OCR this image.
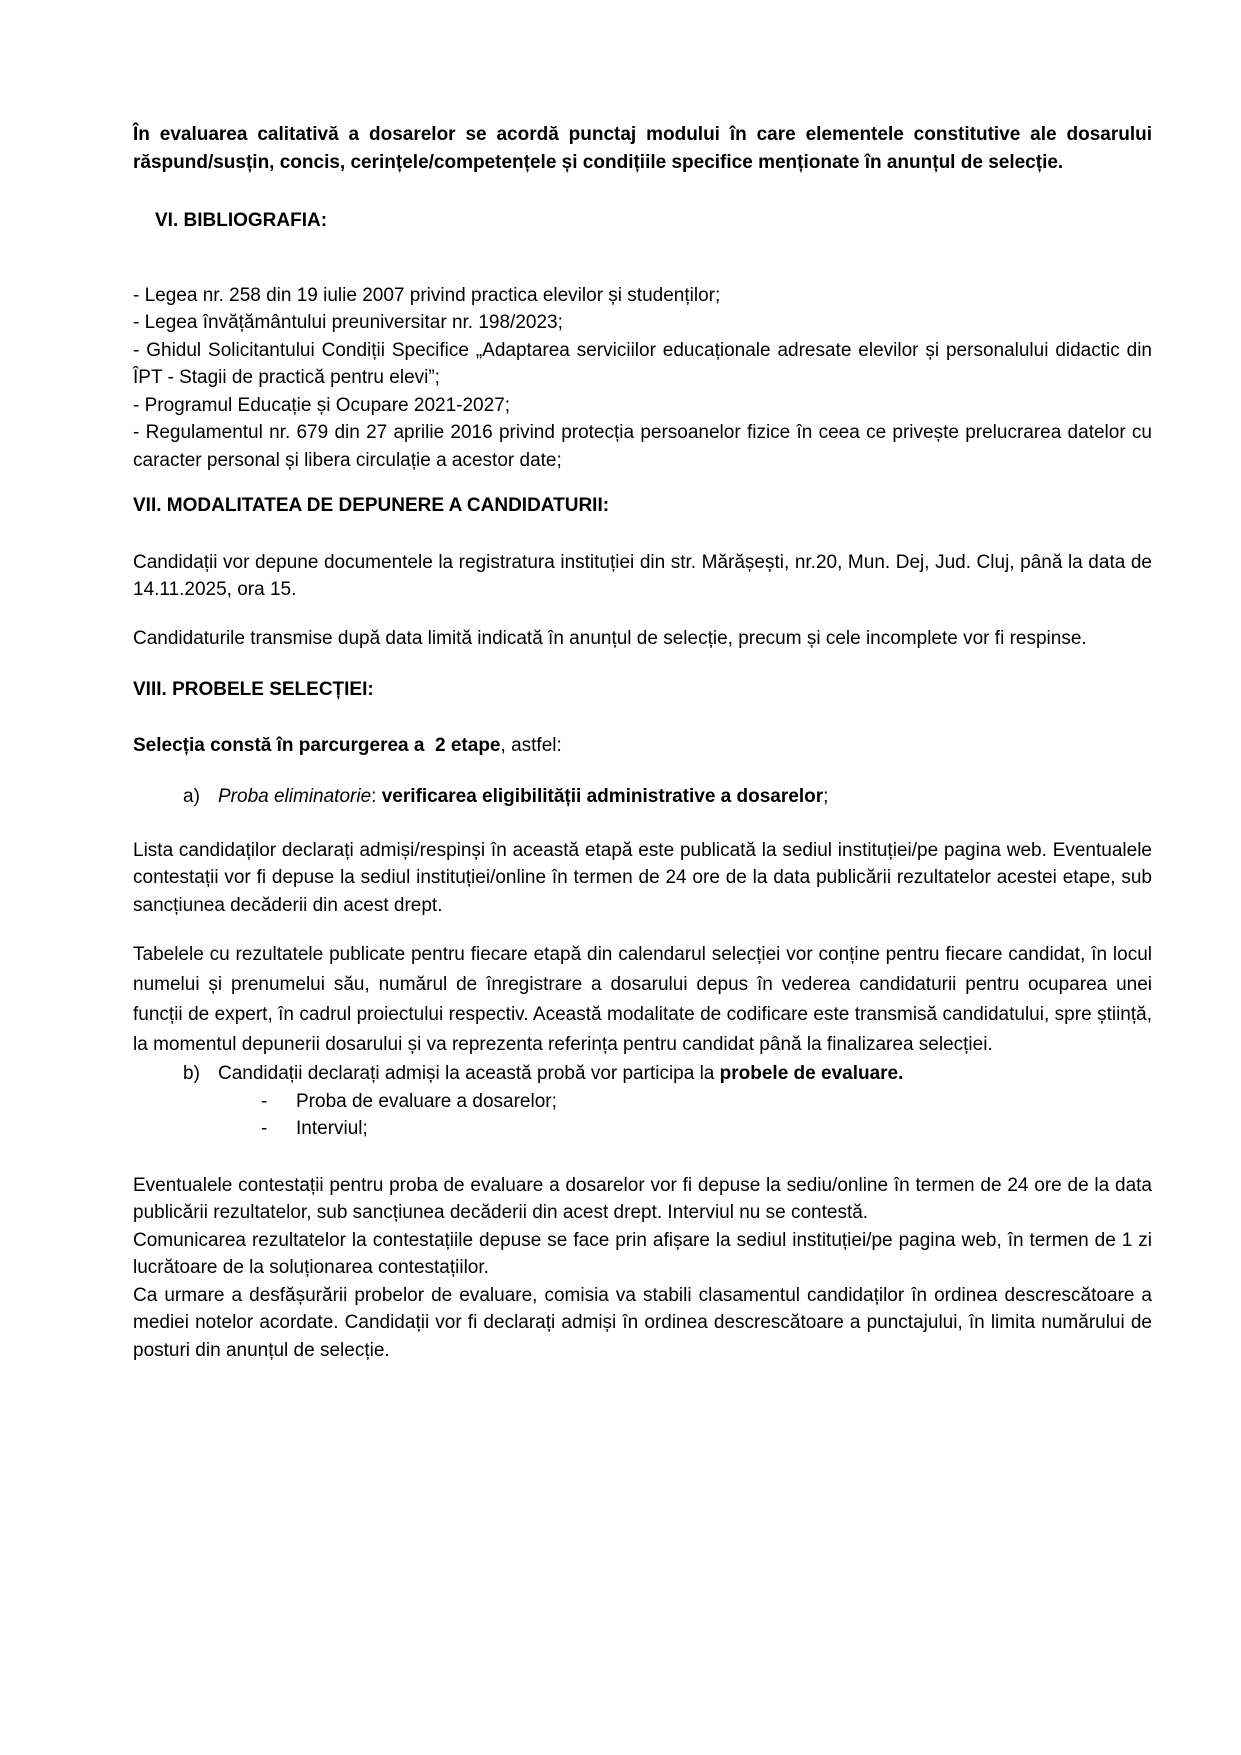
În evaluarea calitativă a dosarelor se acordă punctaj modului în care elementele constitutive ale dosarului răspund/susțin, concis, cerințele/competențele și condițiile specifice menționate în anunțul de selecție.

VI. BIBLIOGRAFIA:

- Legea nr. 258 din 19 iulie 2007 privind practica elevilor și studenților;

- Legea învățământului preuniversitar nr. 198/2023;

- Ghidul Solicitantului Condiții Specifice „Adaptarea serviciilor educaționale adresate elevilor și personalului didactic din ÎPT - Stagii de practică pentru elevi”;

- Programul Educație și Ocupare 2021-2027;

- Regulamentul nr. 679 din 27 aprilie 2016 privind protecția persoanelor fizice în ceea ce privește prelucrarea datelor cu caracter personal și libera circulație a acestor date;

VII. MODALITATEA DE DEPUNERE A CANDIDATURII:

Candidații vor depune documentele la registratura instituției din str. Mărășești, nr.20, Mun. Dej, Jud. Cluj, până la data de 14.11.2025, ora 15.

Candidaturile transmise după data limită indicată în anunțul de selecție, precum și cele incomplete vor fi respinse.

VIII. PROBELE SELECȚIEI:

Selecția constă în parcurgerea a  2 etape, astfel:

a) Proba eliminatorie: verificarea eligibilității administrative a dosarelor;

Lista candidaților declarați admiși/respinși în această etapă este publicată la sediul instituției/pe pagina web. Eventualele contestații vor fi depuse la sediul instituției/online în termen de 24 ore de la data publicării rezultatelor acestei etape, sub sancțiunea decăderii din acest drept.

Tabelele cu rezultatele publicate pentru fiecare etapă din calendarul selecției vor conține pentru fiecare candidat, în locul numelui și prenumelui său, numărul de înregistrare a dosarului depus în vederea candidaturii pentru ocuparea unei funcții de expert, în cadrul proiectului respectiv. Această modalitate de codificare este transmisă candidatului, spre știință, la momentul depunerii dosarului și va reprezenta referința pentru candidat până la finalizarea selecției.

b) Candidații declarați admiși la această probă vor participa la probele de evaluare.
-	Proba de evaluare a dosarelor;
-	Interviul;

Eventualele contestații pentru proba de evaluare a dosarelor vor fi depuse la sediu/online în termen de 24 ore de la data publicării rezultatelor, sub sancțiunea decăderii din acest drept. Interviul nu se contestă.

Comunicarea rezultatelor la contestațiile depuse se face prin afișare la sediul instituției/pe pagina web, în termen de 1 zi lucrătoare de la soluționarea contestațiilor.

Ca urmare a desfășurării probelor de evaluare, comisia va stabili clasamentul candidaților în ordinea descrescătoare a mediei notelor acordate. Candidații vor fi declarați admiși în ordinea descrescătoare a punctajului, în limita numărului de posturi din anunțul de selecție.
